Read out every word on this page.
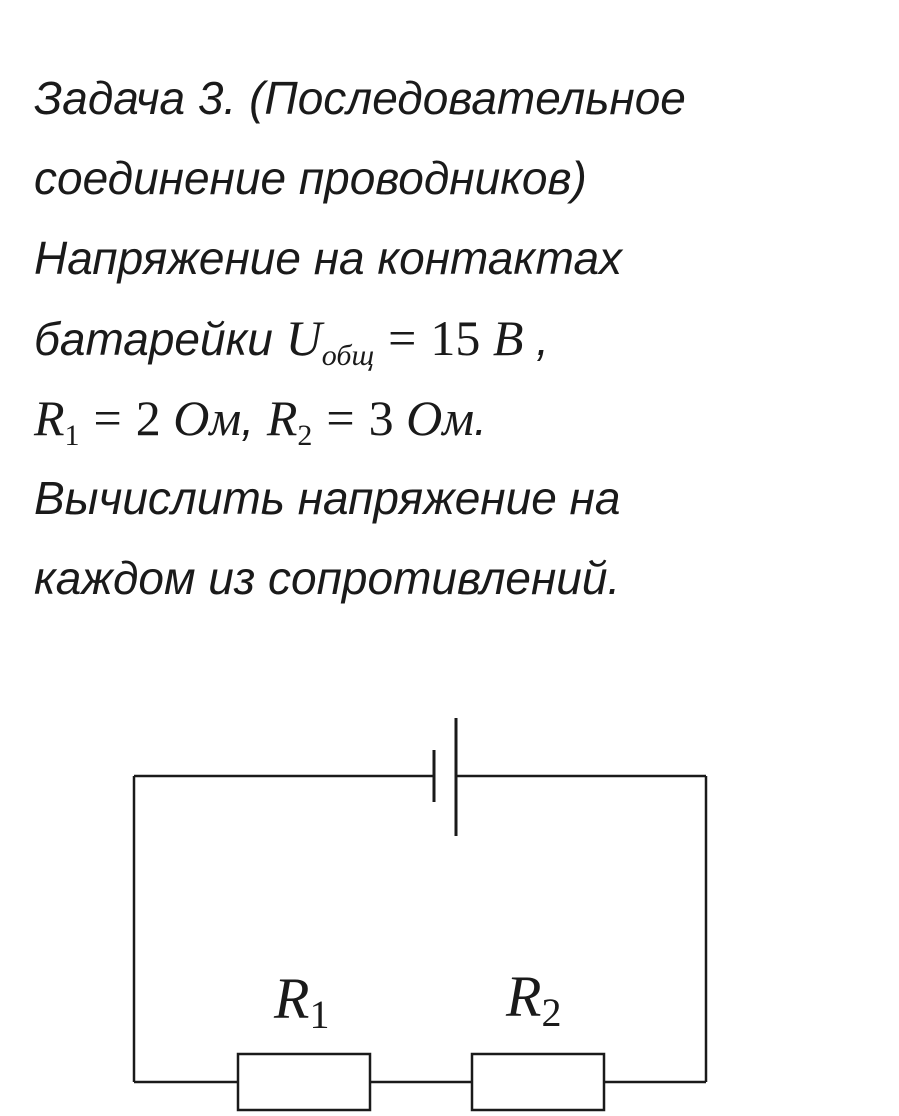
Задача 3. (Последовательное
соединение проводников)
Напряжение на контактах
батарейки $U_{общ} = 15$ В ,
$R_1 = 2$ Ом, $R_2 = 3$ Ом.
Вычислить напряжение на
каждом из сопротивлений.
R1	R2
